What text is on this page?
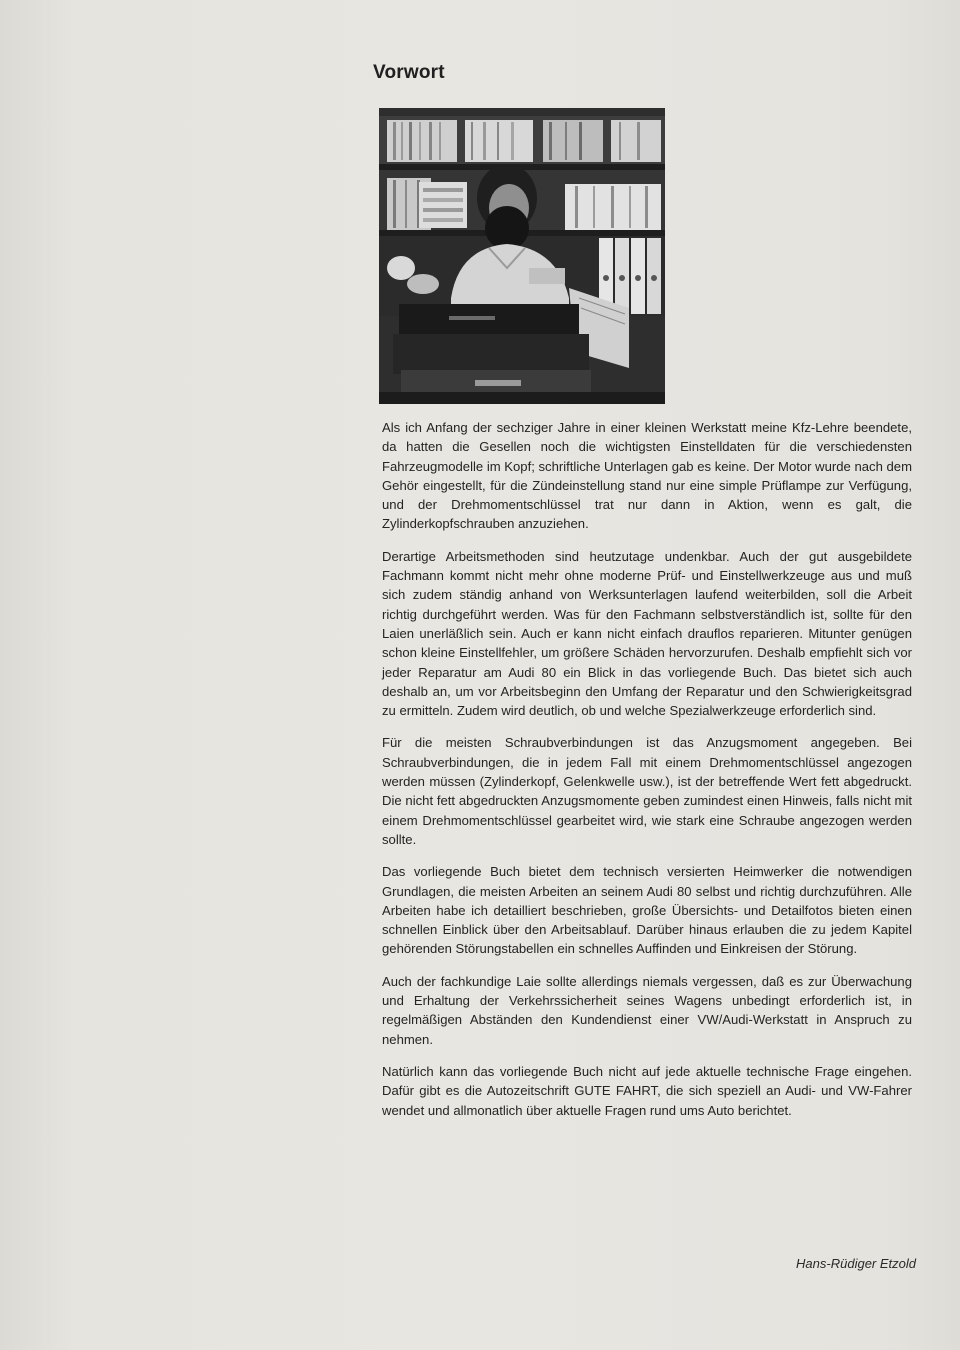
Vorwort

Als ich Anfang der sechziger Jahre in einer kleinen Werkstatt meine Kfz-Lehre beendete, da hatten die Gesellen noch die wichtigsten Einstelldaten für die verschiedensten Fahrzeugmodelle im Kopf; schriftliche Unterlagen gab es keine. Der Motor wurde nach dem Gehör eingestellt, für die Zündeinstellung stand nur eine simple Prüflampe zur Verfügung, und der Drehmomentschlüssel trat nur dann in Aktion, wenn es galt, die Zylinderkopfschrauben anzuziehen.

Derartige Arbeitsmethoden sind heutzutage undenkbar. Auch der gut ausgebildete Fachmann kommt nicht mehr ohne moderne Prüf- und Einstellwerkzeuge aus und muß sich zudem ständig anhand von Werksunterlagen laufend weiterbilden, soll die Arbeit richtig durchgeführt werden. Was für den Fachmann selbstverständlich ist, sollte für den Laien unerläßlich sein. Auch er kann nicht einfach drauflos reparieren. Mitunter genügen schon kleine Einstellfehler, um größere Schäden hervorzurufen. Deshalb empfiehlt sich vor jeder Reparatur am Audi 80 ein Blick in das vorliegende Buch. Das bietet sich auch deshalb an, um vor Arbeitsbeginn den Umfang der Reparatur und den Schwierigkeitsgrad zu ermitteln. Zudem wird deutlich, ob und welche Spezialwerkzeuge erforderlich sind.

Für die meisten Schraubverbindungen ist das Anzugsmoment angegeben. Bei Schraubverbindungen, die in jedem Fall mit einem Drehmomentschlüssel angezogen werden müssen (Zylinderkopf, Gelenkwelle usw.), ist der betreffende Wert fett abgedruckt. Die nicht fett abgedruckten Anzugsmomente geben zumindest einen Hinweis, falls nicht mit einem Drehmomentschlüssel gearbeitet wird, wie stark eine Schraube angezogen werden sollte.

Das vorliegende Buch bietet dem technisch versierten Heimwerker die notwendigen Grundlagen, die meisten Arbeiten an seinem Audi 80 selbst und richtig durchzuführen. Alle Arbeiten habe ich detailliert beschrieben, große Übersichts- und Detailfotos bieten einen schnellen Einblick über den Arbeitsablauf. Darüber hinaus erlauben die zu jedem Kapitel gehörenden Störungstabellen ein schnelles Auffinden und Einkreisen der Störung.

Auch der fachkundige Laie sollte allerdings niemals vergessen, daß es zur Überwachung und Erhaltung der Verkehrssicherheit seines Wagens unbedingt erforderlich ist, in regelmäßigen Abständen den Kundendienst einer VW/Audi-Werkstatt in Anspruch zu nehmen.

Natürlich kann das vorliegende Buch nicht auf jede aktuelle technische Frage eingehen. Dafür gibt es die Autozeitschrift GUTE FAHRT, die sich speziell an Audi- und VW-Fahrer wendet und allmonatlich über aktuelle Fragen rund ums Auto berichtet.

Hans-Rüdiger Etzold
